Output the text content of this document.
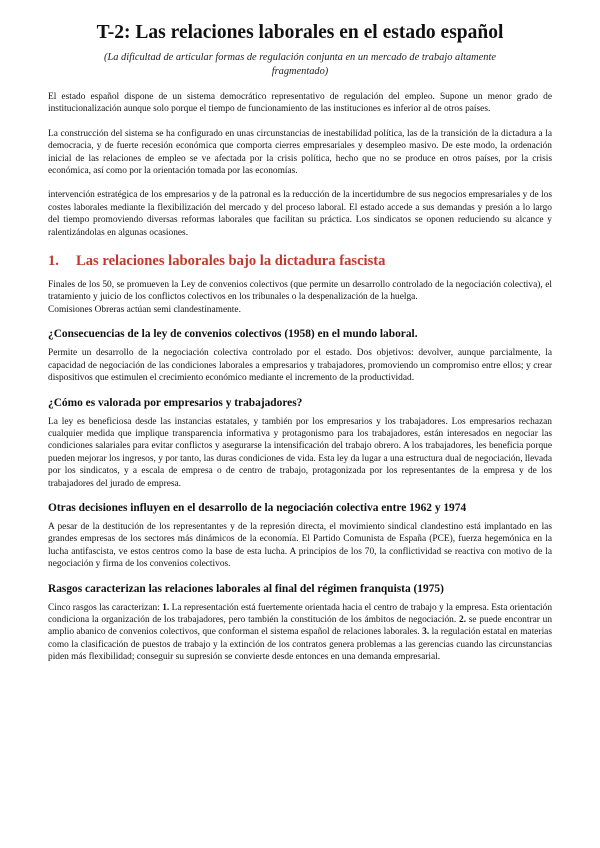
T-2: Las relaciones laborales en el estado español
(La dificultad de articular formas de regulación conjunta en un mercado de trabajo altamente fragmentado)

El estado español dispone de un sistema democrático representativo de regulación del empleo. Supone un menor grado de institucionalización aunque solo porque el tiempo de funcionamiento de las instituciones es inferior al de otros países.

La construcción del sistema se ha configurado en unas circunstancias de inestabilidad política, las de la transición de la dictadura a la democracia, y de fuerte recesión económica que comporta cierres empresariales y desempleo masivo. De este modo, la ordenación inicial de las relaciones de empleo se ve afectada por la crisis política, hecho que no se produce en otros países, por la crisis económica, así como por la orientación tomada por las economías.

intervención estratégica de los empresarios y de la patronal es la reducción de la incertidumbre de sus negocios empresariales y de los costes laborales mediante la flexibilización del mercado y del proceso laboral. El estado accede a sus demandas y presión a lo largo del tiempo promoviendo diversas reformas laborales que facilitan su práctica. Los sindicatos se oponen reduciendo su alcance y ralentizándolas en algunas ocasiones.

1.	Las relaciones laborales bajo la dictadura fascista

Finales de los 50, se promueven la Ley de convenios colectivos (que permite un desarrollo controlado de la negociación colectiva), el tratamiento y juicio de los conflictos colectivos en los tribunales o la despenalización de la huelga.

Comisiones Obreras actúan semi clandestinamente.

¿Consecuencias de la ley de convenios colectivos (1958) en el mundo laboral.

Permite un desarrollo de la negociación colectiva controlado por el estado. Dos objetivos: devolver, aunque parcialmente, la capacidad de negociación de las condiciones laborales a empresarios y trabajadores, promoviendo un compromiso entre ellos; y crear dispositivos que estimulen el crecimiento económico mediante el incremento de la productividad.

¿Cómo es valorada por empresarios y trabajadores?

La ley es beneficiosa desde las instancias estatales, y también por los empresarios y los trabajadores. Los empresarios rechazan cualquier medida que implique transparencia informativa y protagonismo para los trabajadores, están interesados en negociar las condiciones salariales para evitar conflictos y asegurarse la intensificación del trabajo obrero. A los trabajadores, les beneficia porque pueden mejorar los ingresos, y por tanto, las duras condiciones de vida. Esta ley da lugar a una estructura dual de negociación, llevada por los sindicatos, y a escala de empresa o de centro de trabajo, protagonizada por los representantes de la empresa y de los trabajadores del jurado de empresa.

Otras decisiones influyen en el desarrollo de la negociación colectiva entre 1962 y 1974

A pesar de la destitución de los representantes y de la represión directa, el movimiento sindical clandestino está implantado en las grandes empresas de los sectores más dinámicos de la economía. El Partido Comunista de España (PCE), fuerza hegemónica en la lucha antifascista, ve estos centros como la base de esta lucha. A principios de los 70, la conflictividad se reactiva con motivo de la negociación y firma de los convenios colectivos.

Rasgos caracterizan las relaciones laborales al final del régimen franquista (1975)

Cinco rasgos las caracterizan: 1. La representación está fuertemente orientada hacia el centro de trabajo y la empresa. Esta orientación condiciona la organización de los trabajadores, pero también la constitución de los ámbitos de negociación. 2. se puede encontrar un amplio abanico de convenios colectivos, que conforman el sistema español de relaciones laborales. 3. la regulación estatal en materias como la clasificación de puestos de trabajo y la extinción de los contratos genera problemas a las gerencias cuando las circunstancias piden más flexibilidad; conseguir su supresión se convierte desde entonces en una demanda empresarial.
